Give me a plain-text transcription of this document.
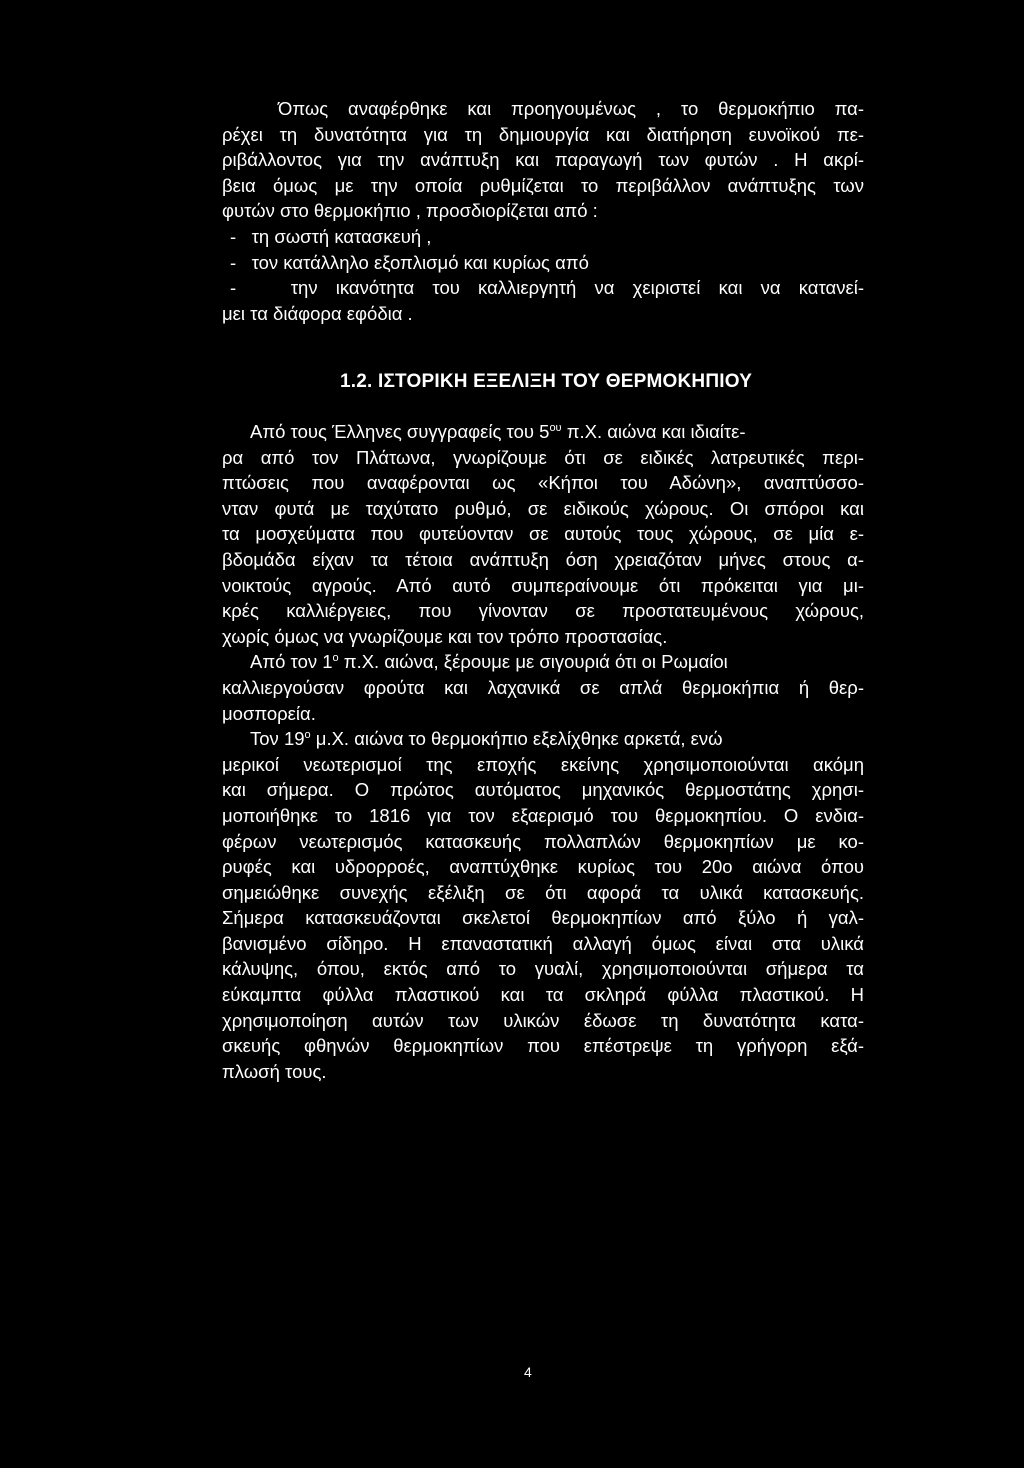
Όπως αναφέρθηκε και προηγουμένως , το θερμοκήπιο πα-
ρέχει τη δυνατότητα για τη δημιουργία και διατήρηση ευνοϊκού πε-
ριβάλλοντος για την ανάπτυξη και παραγωγή των φυτών . Η ακρί-
βεια όμως με την οποία ρυθμίζεται το περιβάλλον ανάπτυξης των
φυτών στο θερμοκήπιο , προσδιορίζεται από :
-   τη σωστή κατασκευή ,
-   τον κατάλληλο εξοπλισμό και κυρίως από
-   την ικανότητα του καλλιεργητή να χειριστεί και να κατανεί-
μει τα διάφορα εφόδια .
1.2. ΙΣΤΟΡΙΚΗ ΕΞΕΛΙΞΗ ΤΟΥ ΘΕΡΜΟΚΗΠΙΟΥ
Από τους Έλληνες συγγραφείς του $5^{o\upsilon}$ π.Χ. αιώνα και ιδιαίτε-
ρα από τον Πλάτωνα, γνωρίζουμε ότι σε ειδικές λατρευτικές περι-
πτώσεις που αναφέρονται ως «Κήποι του Αδώνη», αναπτύσσο-
νταν φυτά με ταχύτατο ρυθμό, σε ειδικούς χώρους. Οι σπόροι και
τα μοσχεύματα που φυτεύονταν σε αυτούς τους χώρους, σε μία ε-
βδομάδα είχαν τα τέτοια ανάπτυξη όση χρειαζόταν μήνες στους α-
νοικτούς αγρούς. Από αυτό συμπεραίνουμε ότι πρόκειται για μι-
κρές καλλιέργειες, που γίνονταν σε προστατευμένους χώρους,
χωρίς όμως να γνωρίζουμε και τον τρόπο προστασίας.
Από τον $1^o$ π.Χ. αιώνα, ξέρουμε με σιγουριά ότι οι Ρωμαίοι
καλλιεργούσαν φρούτα και λαχανικά σε απλά θερμοκήπια ή θερ-
μοσπορεία.
Τον $19^o$ μ.Χ. αιώνα το θερμοκήπιο εξελίχθηκε αρκετά, ενώ
μερικοί νεωτερισμοί της εποχής εκείνης χρησιμοποιούνται ακόμη
και σήμερα. Ο πρώτος αυτόματος μηχανικός θερμοστάτης χρησι-
μοποιήθηκε το 1816 για τον εξαερισμό του θερμοκηπίου. Ο ενδια-
φέρων νεωτερισμός κατασκευής πολλαπλών θερμοκηπίων με κο-
ρυφές και υδρορροές, αναπτύχθηκε κυρίως του 20ο αιώνα όπου
σημειώθηκε συνεχής εξέλιξη σε ότι αφορά τα υλικά κατασκευής.
Σήμερα κατασκευάζονται σκελετοί θερμοκηπίων από ξύλο ή γαλ-
βανισμένο σίδηρο. Η επαναστατική αλλαγή όμως είναι στα υλικά
κάλυψης, όπου, εκτός από το γυαλί, χρησιμοποιούνται σήμερα τα
εύκαμπτα φύλλα πλαστικού και τα σκληρά φύλλα πλαστικού. Η
χρησιμοποίηση αυτών των υλικών έδωσε τη δυνατότητα κατα-
σκευής φθηνών θερμοκηπίων που επέστρεψε τη γρήγορη εξά-
πλωσή τους.
4
